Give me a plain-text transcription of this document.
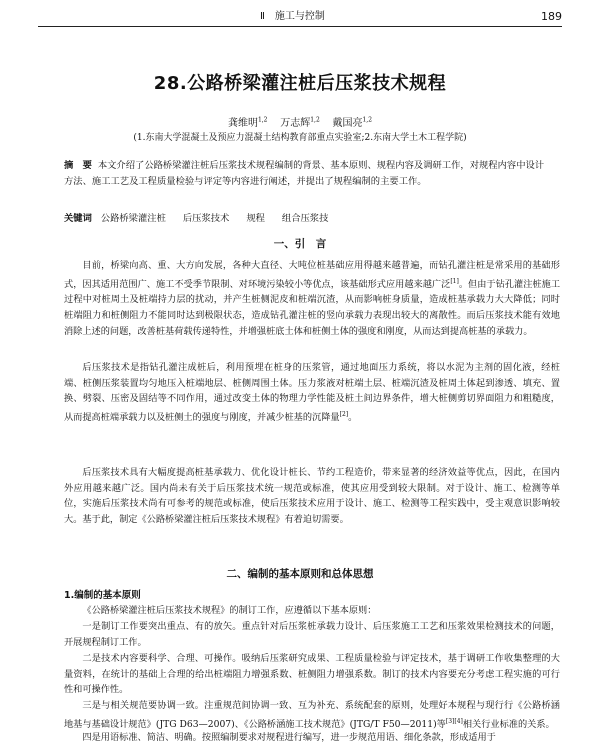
Ⅱ　施工与控制	189
28.公路桥梁灌注桩后压浆技术规程
龚维明$^{1,2}$ 万志辉$^{1,2}$ 戴国亮$^{1,2}$
(1.东南大学混凝土及预应力混凝土结构教育部重点实验室;2.东南大学土木工程学院)
摘　要 本文介绍了公路桥梁灌注桩后压浆技术规程编制的背景、基本原则、规程内容及调研工作，对规程内容中设计方法、施工工艺及工程质量检验与评定等内容进行阐述，并提出了规程编制的主要工作。
关键词 公路桥梁灌注桩 后压浆技术 规程 组合压浆技
一、引　言
目前，桥梁向高、重、大方向发展，各种大直径、大吨位桩基础应用得越来越普遍，而钻孔灌注桩是常采用的基础形式，因其适用范围广、施工不受季节限制、对环境污染较小等优点，该基础形式应用越来越广泛[1]。但由于钻孔灌注桩施工过程中对桩周土及桩端持力层的扰动，并产生桩侧泥皮和桩端沉渣，从而影响桩身质量，造成桩基承载力大大降低；同时桩端阻力和桩侧阻力不能同时达到极限状态，造成钻孔灌注桩的竖向承载力表现出较大的离散性。而后压浆技术能有效地消除上述的问题，改善桩基荷载传递特性，并增强桩底土体和桩侧土体的强度和刚度，从而达到提高桩基的承载力。
后压浆技术是指钻孔灌注成桩后，利用预埋在桩身的压浆管，通过地面压力系统，将以水泥为主剂的固化液，经桩端、桩侧压浆装置均匀地压入桩端地层、桩侧周围土体。压力浆液对桩端土层、桩端沉渣及桩周土体起到渗透、填充、置换、劈裂、压密及固结等不同作用，通过改变土体的物理力学性能及桩土间边界条件，增大桩侧剪切界面阻力和粗糙度，从而提高桩端承载力以及桩侧土的强度与刚度，并减少桩基的沉降量[2]。
后压浆技术具有大幅度提高桩基承载力、优化设计桩长、节约工程造价，带来显著的经济效益等优点，因此，在国内外应用越来越广泛。国内尚未有关于后压浆技术统一规范或标准，使其应用受到较大限制。对于设计、施工、检测等单位，实施后压浆技术尚有可参考的规范或标准，使后压浆技术应用于设计、施工、检测等工程实践中，受主观意识影响较大。基于此，制定《公路桥梁灌注桩后压浆技术规程》有着迫切需要。
二、编制的基本原则和总体思想
1.编制的基本原则
《公路桥梁灌注桩后压浆技术规程》的制订工作，应遵循以下基本原则：
一是制订工作要突出重点、有的放矢。重点针对后压浆桩承载力设计、后压浆施工工艺和压浆效果检测技术的问题，开展规程制订工作。
二是技术内容要科学、合理、可操作。吸纳后压浆研究成果、工程质量检验与评定技术，基于调研工作收集整理的大量资料，在统计的基础上合理的给出桩端阻力增强系数、桩侧阻力增强系数。制订的技术内容要充分考虑工程实施的可行性和可操作性。
三是与相关规范要协调一致。注重规范间协调一致、互为补充、系统配套的原则，处理好本规程与现行行《公路桥涵地基与基础设计规范》(JTG D63—2007)、《公路桥涵施工技术规范》(JTG/T F50—2011)等[3][4]相关行业标准的关系。
四是用语标准、简洁、明确。按照编制要求对规程进行编写，进一步规范用语、细化条款，形成适用于
